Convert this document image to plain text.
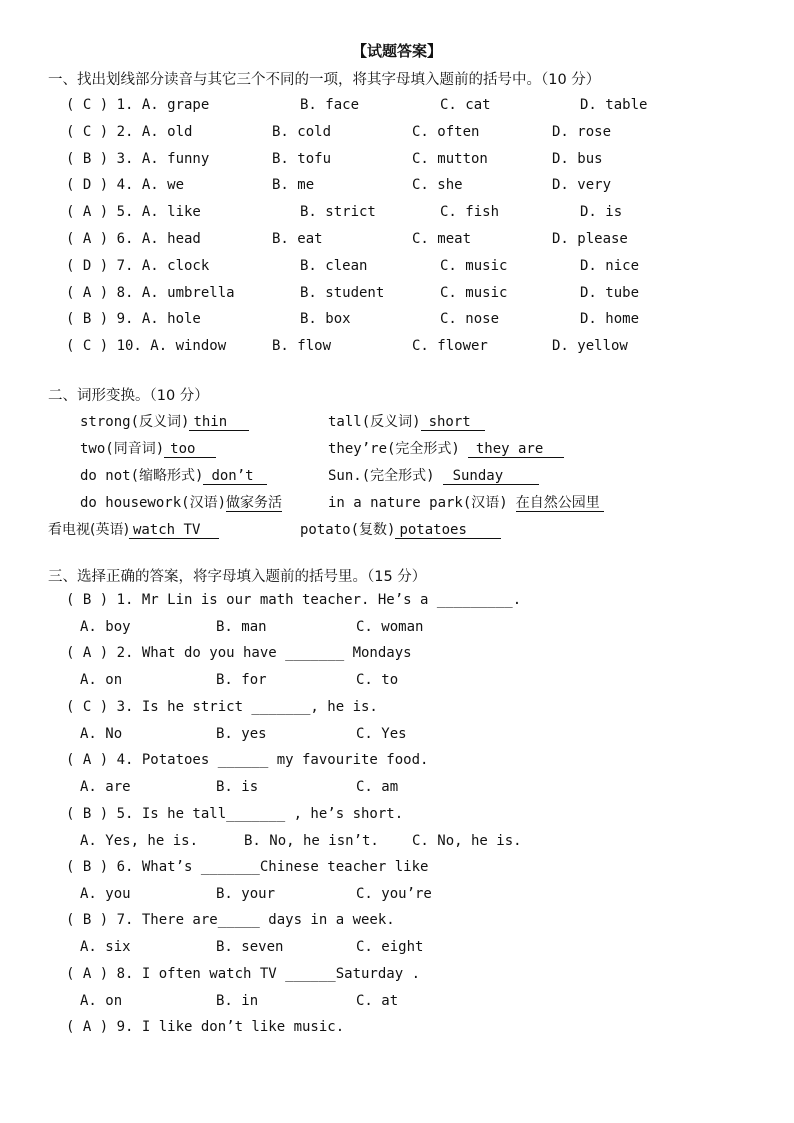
【试题答案】
一、找出划线部分读音与其它三个不同的一项，将其字母填入题前的括号中。（10 分）
( C ) 1. A. grape	B. face	C. cat	D. table
( C ) 2. A. old	B. cold	C. often	D. rose
( B ) 3. A. funny	B. tofu	C. mutton	D. bus
( D ) 4. A. we	B. me	C. she	D. very
( A ) 5. A. like	B. strict	C. fish	D. is
( A ) 6. A. head	B. eat	C. meat	D. please
( D ) 7. A. clock	B. clean	C. music	D. nice
( A ) 8. A. umbrella	B. student	C. music	D. tube
( B ) 9. A. hole	B. box	C. nose	D. home
( C ) 10. A. window	B. flow	C. flower	D. yellow
二、词形变换。（10 分）
strong(反义词) thin	tall(反义词) short
two(同音词) too	they’re(完全形式) they are
do not(缩略形式) don’t	Sun.(完全形式) Sunday
do housework(汉语)做家务活	in a nature park(汉语) 在自然公园里
看电视(英语) watch TV	potato(复数) potatoes
三、选择正确的答案，将字母填入题前的括号里。（15 分）
( B ) 1. Mr Lin is our math teacher. He’s a _________.
A. boy	B. man	C. woman
( A ) 2. What do you have _______ Mondays
A. on	B. for	C. to
( C ) 3. Is he strict _______, he is.
A. No	B. yes	C. Yes
( A ) 4. Potatoes ______ my favourite food.
A. are	B. is	C. am
( B ) 5. Is he tall_______ , he’s short.
A. Yes, he is.	B. No, he isn’t. C. No, he is.
( B ) 6. What’s _______Chinese teacher like
A. you	B. your	C. you’re
( B ) 7. There are_____ days in a week.
A. six	B. seven	C. eight
( A ) 8. I often watch TV ______Saturday .
A. on	B. in	C. at
( A ) 9. I like don’t like music.
